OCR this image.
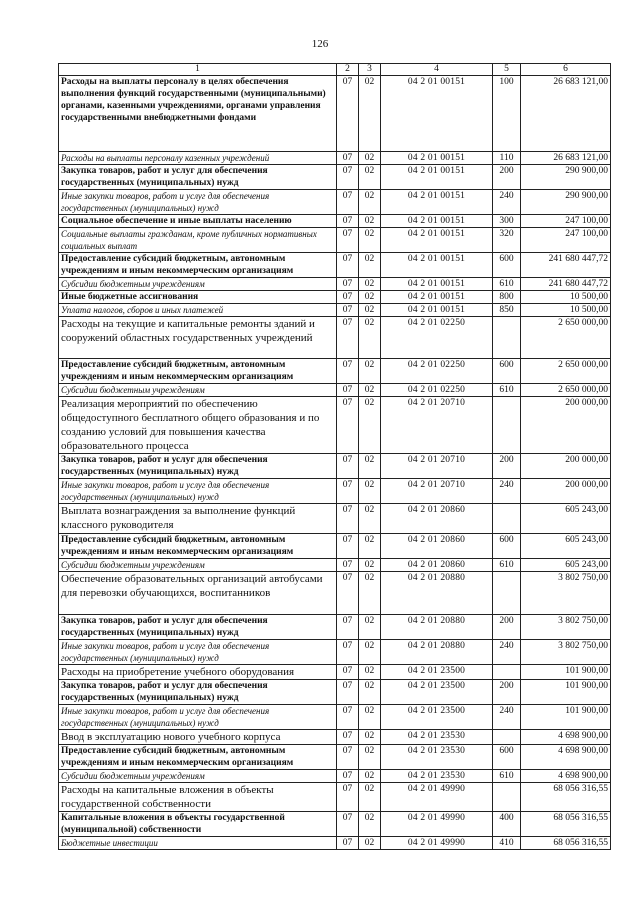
126
1	2	3	4	5	6
Расходы на выплаты персоналу в целях обеспечения выполнения функций государственными (муниципальными) органами, казенными учреждениями, органами управления государственными внебюджетными фондами	07	02	04 2 01 00151	100	26 683 121,00
Расходы на выплаты персоналу казенных учреждений	07	02	04 2 01 00151	110	26 683 121,00
Закупка товаров, работ и услуг для обеспечения государственных (муниципальных) нужд	07	02	04 2 01 00151	200	290 900,00
Иные закупки товаров, работ и услуг для обеспечения государственных (муниципальных) нужд	07	02	04 2 01 00151	240	290 900,00
Социальное обеспечение и иные выплаты населению	07	02	04 2 01 00151	300	247 100,00
Социальные выплаты гражданам, кроме публичных нормативных социальных выплат	07	02	04 2 01 00151	320	247 100,00
Предоставление субсидий бюджетным, автономным учреждениям и иным некоммерческим организациям	07	02	04 2 01 00151	600	241 680 447,72
Субсидии бюджетным учреждениям	07	02	04 2 01 00151	610	241 680 447,72
Иные бюджетные ассигнования	07	02	04 2 01 00151	800	10 500,00
Уплата налогов, сборов и иных платежей	07	02	04 2 01 00151	850	10 500,00
Расходы на текущие и капитальные ремонты зданий и сооружений областных государственных учреждений	07	02	04 2 01 02250		2 650 000,00
Предоставление субсидий бюджетным, автономным учреждениям и иным некоммерческим организациям	07	02	04 2 01 02250	600	2 650 000,00
Субсидии бюджетным учреждениям	07	02	04 2 01 02250	610	2 650 000,00
Реализация мероприятий по обеспечению общедоступного бесплатного общего образования и по созданию условий для повышения качества образовательного процесса	07	02	04 2 01 20710		200 000,00
Закупка товаров, работ и услуг для обеспечения государственных (муниципальных) нужд	07	02	04 2 01 20710	200	200 000,00
Иные закупки товаров, работ и услуг для обеспечения государственных (муниципальных) нужд	07	02	04 2 01 20710	240	200 000,00
Выплата вознаграждения за выполнение функций классного руководителя	07	02	04 2 01 20860		605 243,00
Предоставление субсидий бюджетным, автономным учреждениям и иным некоммерческим организациям	07	02	04 2 01 20860	600	605 243,00
Субсидии бюджетным учреждениям	07	02	04 2 01 20860	610	605 243,00
Обеспечение образовательных организаций автобусами для перевозки обучающихся, воспитанников	07	02	04 2 01 20880		3 802 750,00
Закупка товаров, работ и услуг для обеспечения государственных (муниципальных) нужд	07	02	04 2 01 20880	200	3 802 750,00
Иные закупки товаров, работ и услуг для обеспечения государственных (муниципальных) нужд	07	02	04 2 01 20880	240	3 802 750,00
Расходы на приобретение учебного оборудования	07	02	04 2 01 23500		101 900,00
Закупка товаров, работ и услуг для обеспечения государственных (муниципальных) нужд	07	02	04 2 01 23500	200	101 900,00
Иные закупки товаров, работ и услуг для обеспечения государственных (муниципальных) нужд	07	02	04 2 01 23500	240	101 900,00
Ввод в эксплуатацию нового учебного корпуса	07	02	04 2 01 23530		4 698 900,00
Предоставление субсидий бюджетным, автономным учреждениям и иным некоммерческим организациям	07	02	04 2 01 23530	600	4 698 900,00
Субсидии бюджетным учреждениям	07	02	04 2 01 23530	610	4 698 900,00
Расходы на капитальные вложения в объекты государственной собственности	07	02	04 2 01 49990		68 056 316,55
Капитальные вложения в объекты государственной (муниципальной) собственности	07	02	04 2 01 49990	400	68 056 316,55
Бюджетные инвестиции	07	02	04 2 01 49990	410	68 056 316,55
